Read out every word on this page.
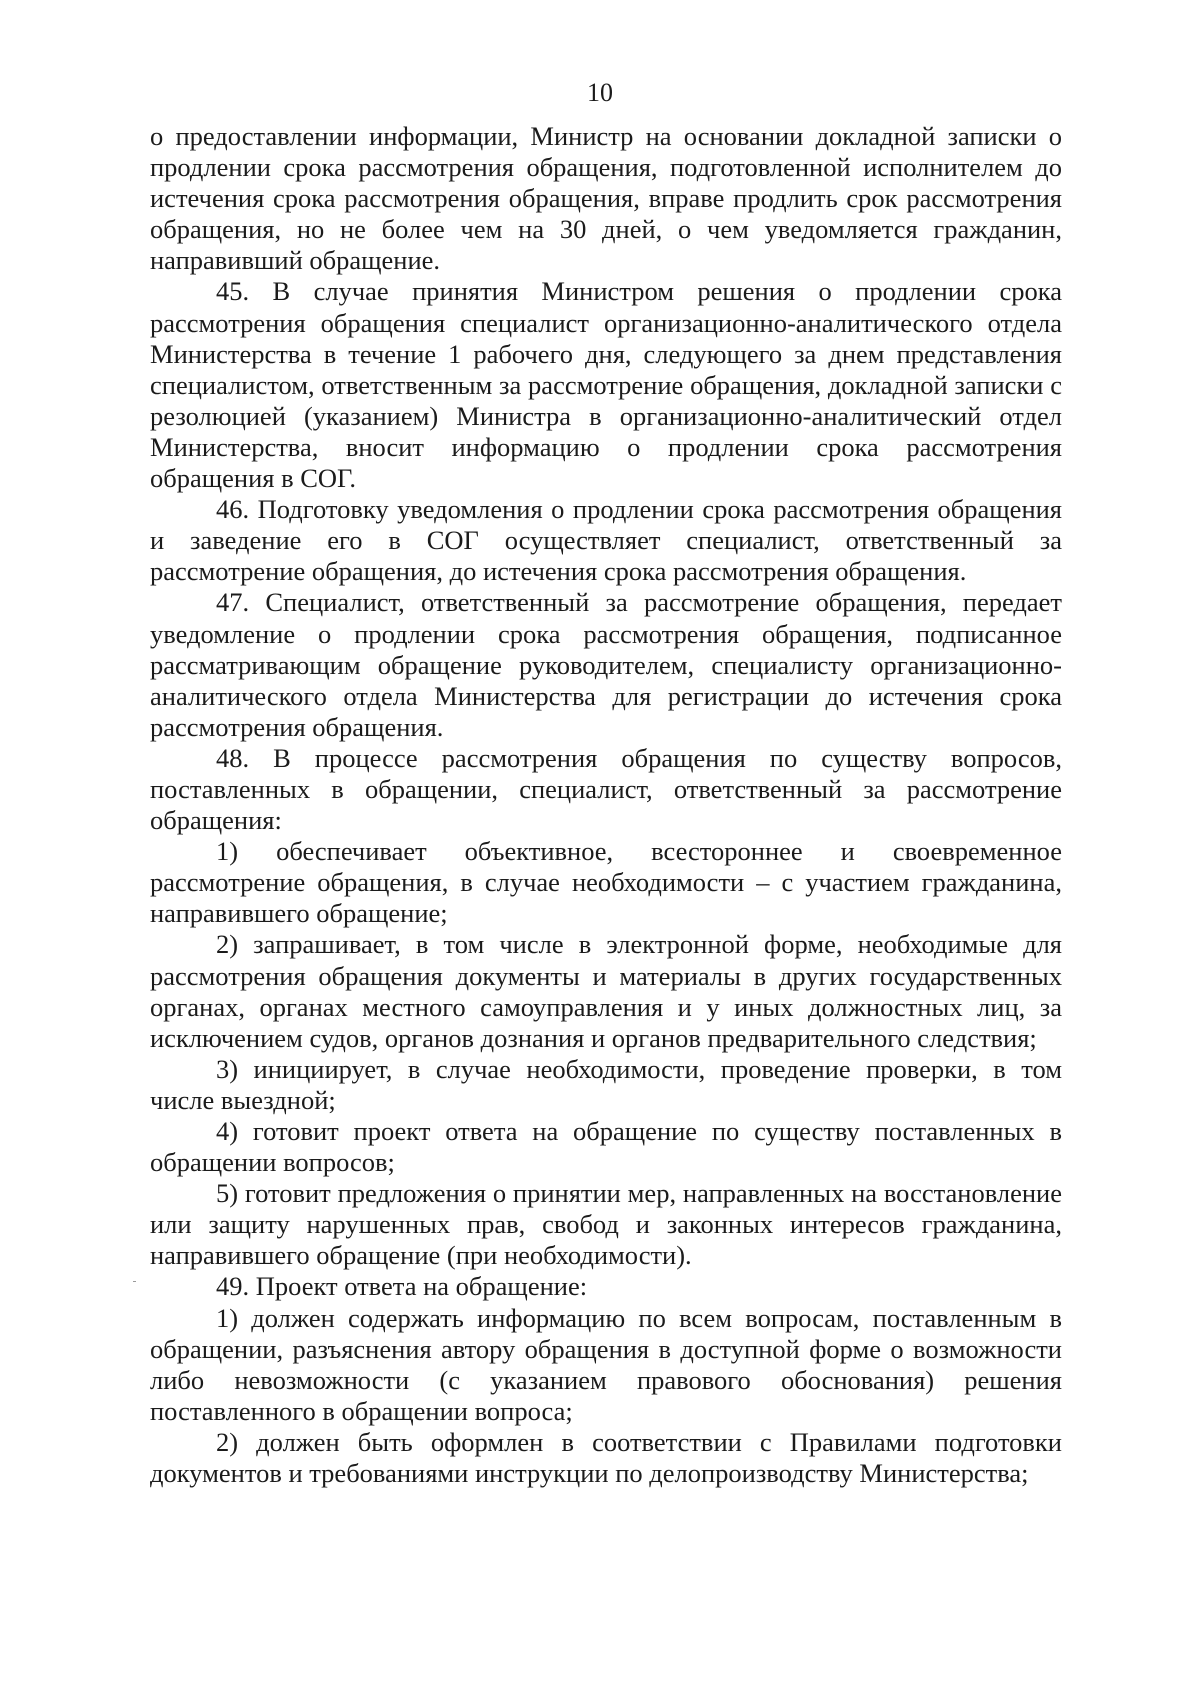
10

о предоставлении информации, Министр на основании докладной записки о продлении срока рассмотрения обращения, подготовленной исполнителем до истечения срока рассмотрения обращения, вправе продлить срок рассмотрения обращения, но не более чем на 30 дней, о чем уведомляется гражданин, направивший обращение.

45. В случае принятия Министром решения о продлении срока рассмотрения обращения специалист организационно-аналитического отдела Министерства в течение 1 рабочего дня, следующего за днем представления специалистом, ответственным за рассмотрение обращения, докладной записки с резолюцией (указанием) Министра в организационно-аналитический отдел Министерства, вносит информацию о продлении срока рассмотрения обращения в СОГ.

46. Подготовку уведомления о продлении срока рассмотрения обращения и заведение его в СОГ осуществляет специалист, ответственный за рассмотрение обращения, до истечения срока рассмотрения обращения.

47. Специалист, ответственный за рассмотрение обращения, передает уведомление о продлении срока рассмотрения обращения, подписанное рассматривающим обращение руководителем, специалисту организационно-аналитического отдела Министерства для регистрации до истечения срока рассмотрения обращения.

48. В процессе рассмотрения обращения по существу вопросов, поставленных в обращении, специалист, ответственный за рассмотрение обращения:

1) обеспечивает объективное, всестороннее и своевременное рассмотрение обращения, в случае необходимости – с участием гражданина, направившего обращение;

2) запрашивает, в том числе в электронной форме, необходимые для рассмотрения обращения документы и материалы в других государственных органах, органах местного самоуправления и у иных должностных лиц, за исключением судов, органов дознания и органов предварительного следствия;

3) инициирует, в случае необходимости, проведение проверки, в том числе выездной;

4) готовит проект ответа на обращение по существу поставленных в обращении вопросов;

5) готовит предложения о принятии мер, направленных на восстановление или защиту нарушенных прав, свобод и законных интересов гражданина, направившего обращение (при необходимости).

49. Проект ответа на обращение:

1) должен содержать информацию по всем вопросам, поставленным в обращении, разъяснения автору обращения в доступной форме о возможности либо невозможности (с указанием правового обоснования) решения поставленного в обращении вопроса;

2) должен быть оформлен в соответствии с Правилами подготовки документов и требованиями инструкции по делопроизводству Министерства;
